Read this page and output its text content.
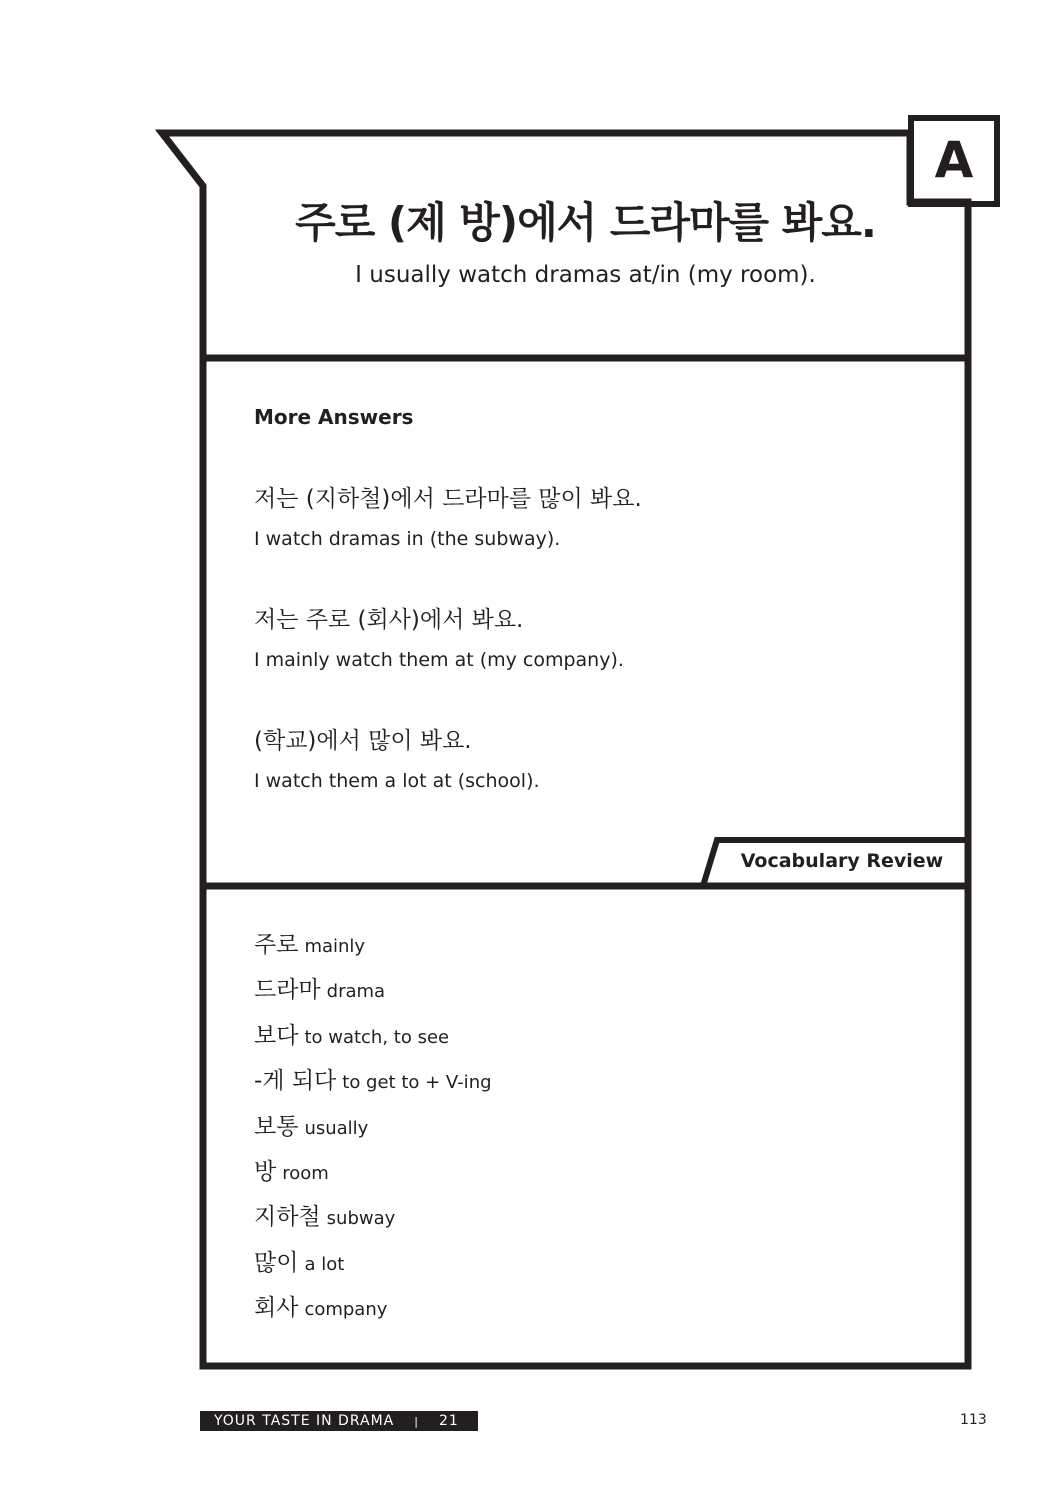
A
주로 (제 방)에서 드라마를 봐요.
I usually watch dramas at/in (my room).
More Answers
저는 (지하철)에서 드라마를 많이 봐요.
I watch dramas in (the subway).
저는 주로 (회사)에서 봐요.
I mainly watch them at (my company).
(학교)에서 많이 봐요.
I watch them a lot at (school).
Vocabulary Review
주로 mainly
드라마 drama
보다 to watch, to see
-게 되다 to get to + V-ing
보통 usually
방 room
지하철 subway
많이 a lot
회사 company
YOUR TASTE IN DRAMA | 21	113
